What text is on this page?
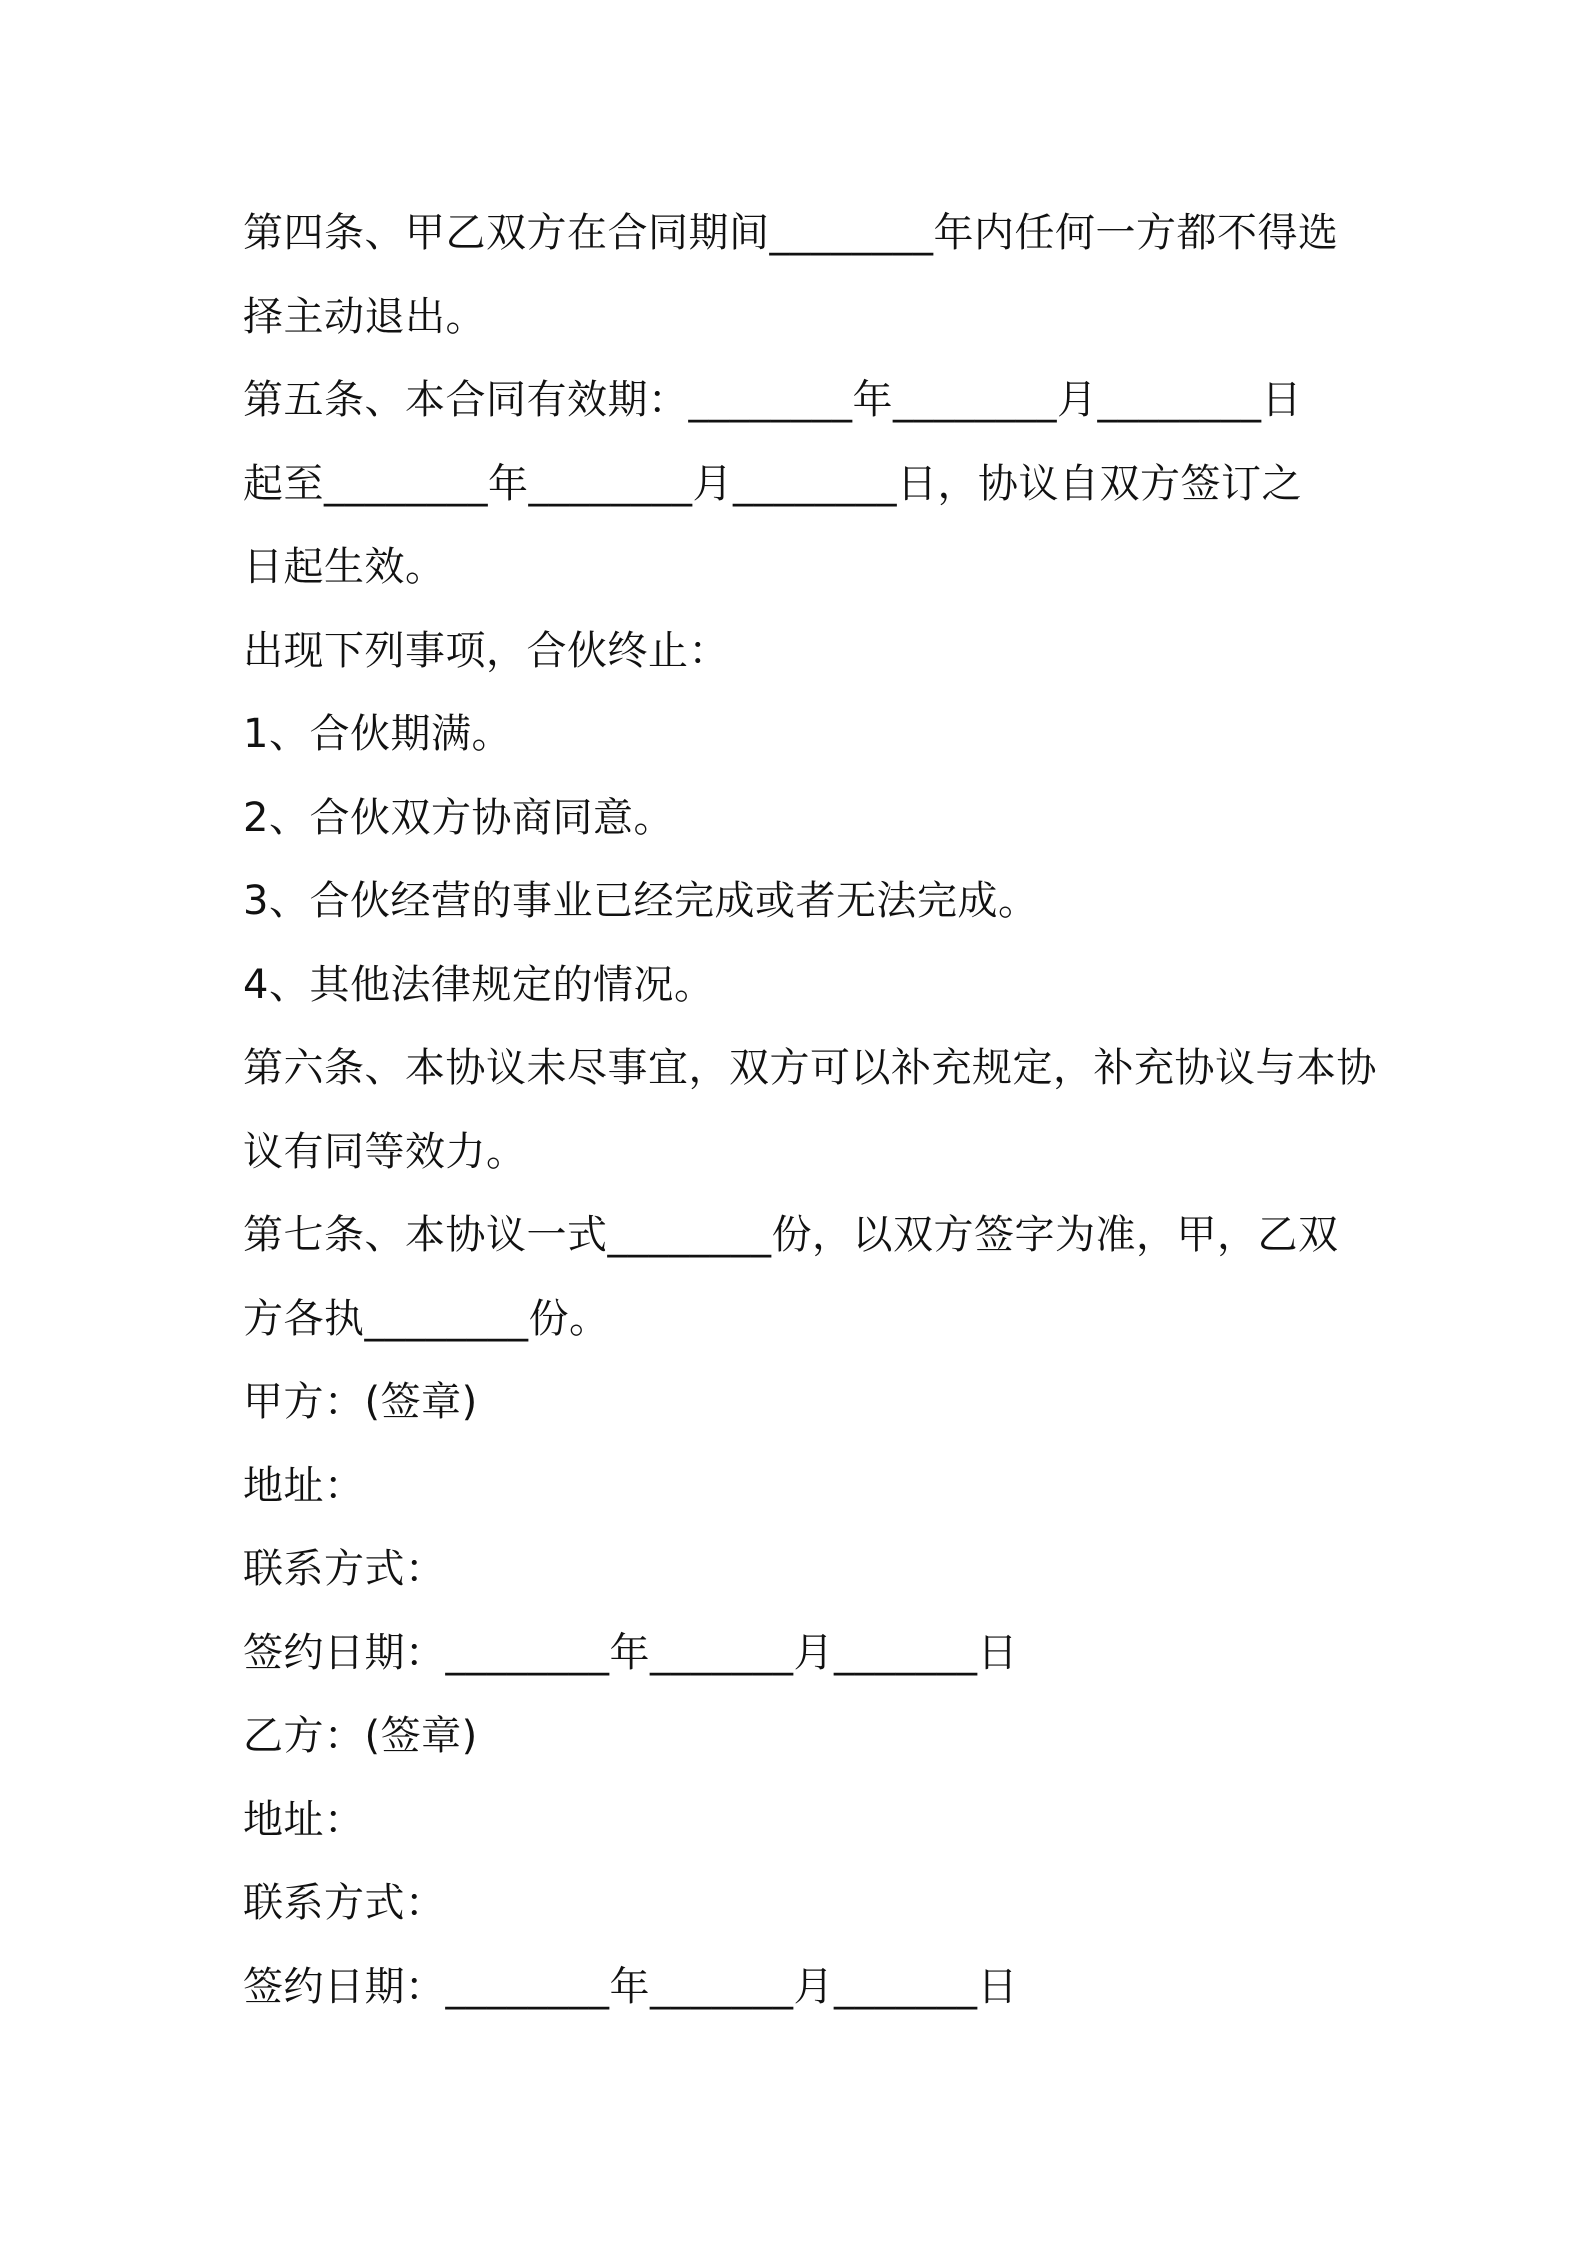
第四条、甲乙双方在合同期间________年内任何一方都不得选
择主动退出。
第五条、本合同有效期：________年________月________日
起至________年________月________日，协议自双方签订之
日起生效。
出现下列事项，合伙终止：
1、合伙期满。
2、合伙双方协商同意。
3、合伙经营的事业已经完成或者无法完成。
4、其他法律规定的情况。
第六条、本协议未尽事宜，双方可以补充规定，补充协议与本协
议有同等效力。
第七条、本协议一式________份，以双方签字为准，甲，乙双
方各执________份。
甲方：(签章)
地址：
联系方式：
签约日期：________年_______月_______日
乙方：(签章)
地址：
联系方式：
签约日期：________年_______月_______日
